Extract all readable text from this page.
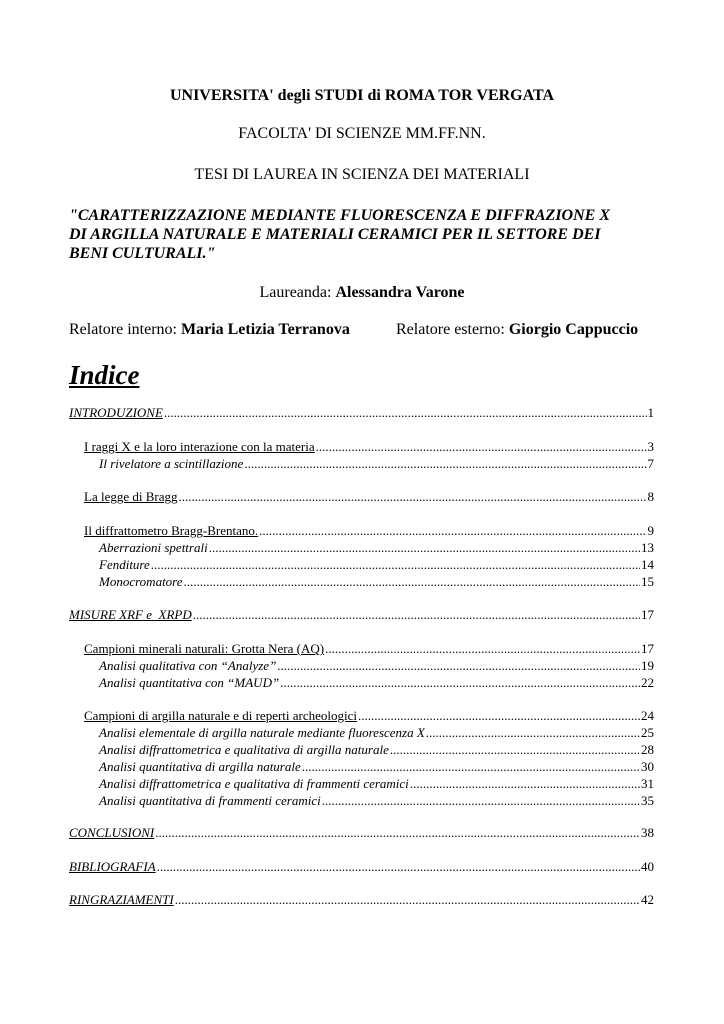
UNIVERSITA' degli STUDI di ROMA TOR VERGATA
FACOLTA' DI SCIENZE MM.FF.NN.
TESI DI LAUREA IN SCIENZA DEI MATERIALI
"CARATTERIZZAZIONE MEDIANTE FLUORESCENZA E DIFFRAZIONE X
DI ARGILLA NATURALE E MATERIALI CERAMICI PER IL SETTORE DEI
BENI CULTURALI."
Laureanda: Alessandra Varone
Relatore interno: Maria Letizia Terranova	Relatore esterno: Giorgio Cappuccio
Indice
INTRODUZIONE .....	1
I raggi X e la loro interazione con la materia .....	3
Il rivelatore a scintillazione .....	7
La legge di Bragg .....	8
Il diffrattometro Bragg-Brentano. .....	9
Aberrazioni spettrali .....	13
Fenditure .....	14
Monocromatore .....	15
MISURE XRF e  XRPD .....	17
Campioni minerali naturali: Grotta Nera (AQ) .....	17
Analisi qualitativa con “Analyze” .....	19
Analisi quantitativa con “MAUD” .....	22
Campioni di argilla naturale e di reperti archeologici .....	24
Analisi elementale di argilla naturale mediante fluorescenza X .....	25
Analisi diffrattometrica e qualitativa di argilla naturale .....	28
Analisi quantitativa di argilla naturale .....	30
Analisi diffrattometrica e qualitativa di frammenti ceramici .....	31
Analisi quantitativa di frammenti ceramici .....	35
CONCLUSIONI .....	38
BIBLIOGRAFIA .....	40
RINGRAZIAMENTI .....	42
